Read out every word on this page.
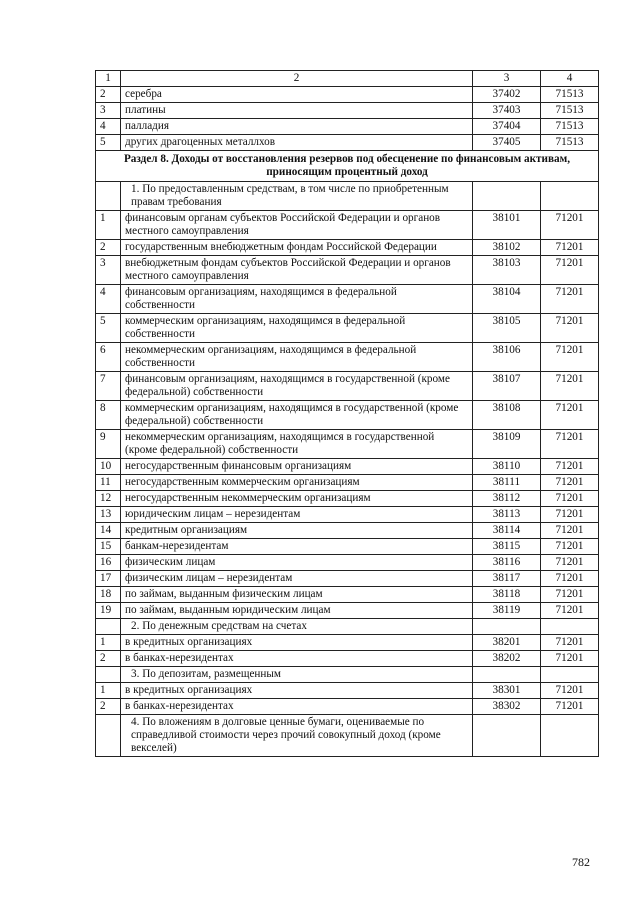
1	2	3	4
2	серебра	37402	71513
3	платины	37403	71513
4	палладия	37404	71513
5	других драгоценных металлхов	37405	71513
Раздел 8. Доходы от восстановления резервов под обесценение по финансовым активам, приносящим процентный доход			
	1. По предоставленным средствам, в том числе по приобретенным правам требования		
1	финансовым органам субъектов Российской Федерации и органов местного самоуправления	38101	71201
2	государственным внебюджетным фондам Российской Федерации	38102	71201
3	внебюджетным фондам субъектов Российской Федерации и органов местного самоуправления	38103	71201
4	финансовым организациям, находящимся в федеральной собственности	38104	71201
5	коммерческим организациям, находящимся в федеральной собственности	38105	71201
6	некоммерческим организациям, находящимся в федеральной собственности	38106	71201
7	финансовым организациям, находящимся в государственной (кроме федеральной) собственности	38107	71201
8	коммерческим организациям, находящимся в государственной (кроме федеральной) собственности	38108	71201
9	некоммерческим организациям, находящимся в государственной (кроме федеральной) собственности	38109	71201
10	негосударственным финансовым организациям	38110	71201
11	негосударственным коммерческим организациям	38111	71201
12	негосударственным некоммерческим организациям	38112	71201
13	юридическим лицам – нерезидентам	38113	71201
14	кредитным организациям	38114	71201
15	банкам-нерезидентам	38115	71201
16	физическим лицам	38116	71201
17	физическим лицам – нерезидентам	38117	71201
18	по займам, выданным физическим лицам	38118	71201
19	по займам, выданным юридическим лицам	38119	71201
	2. По денежным средствам на счетах		
1	в кредитных организациях	38201	71201
2	в банках-нерезидентах	38202	71201
	3. По депозитам, размещенным		
1	в кредитных организациях	38301	71201
2	в банках-нерезидентах	38302	71201
	4. По вложениям в долговые ценные бумаги, оцениваемые по справедливой стоимости через прочий совокупный доход (кроме векселей)		
782
